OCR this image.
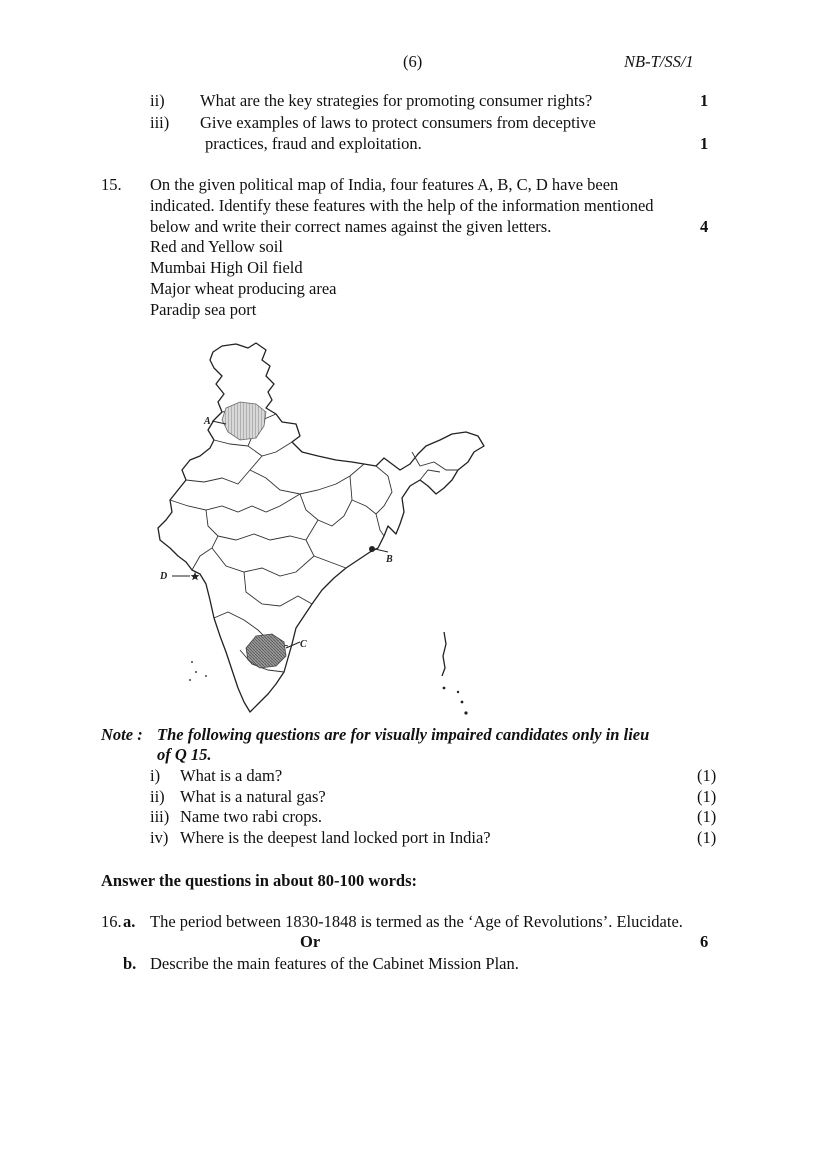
(6)	NB-T/SS/1
ii) What are the key strategies for promoting consumer rights?	1
iii) Give examples of laws to protect consumers from deceptive
practices, fraud and exploitation.	1
15. On the given political map of India, four features A, B, C, D have been
indicated. Identify these features with the help of the information mentioned
below and write their correct names against the given letters.	4
Red and Yellow soil
Mumbai High Oil field
Major wheat producing area
Paradip sea port
A
B
C
D
Note : The following questions are for visually impaired candidates only in lieu
of Q 15.
i) What is a dam?	(1)
ii) What is a natural gas?	(1)
iii) Name two rabi crops.	(1)
iv) Where is the deepest land locked port in India?	(1)
Answer the questions in about 80-100 words:
16. a. The period between 1830-1848 is termed as the ‘Age of Revolutions’. Elucidate.
Or	6
b. Describe the main features of the Cabinet Mission Plan.
